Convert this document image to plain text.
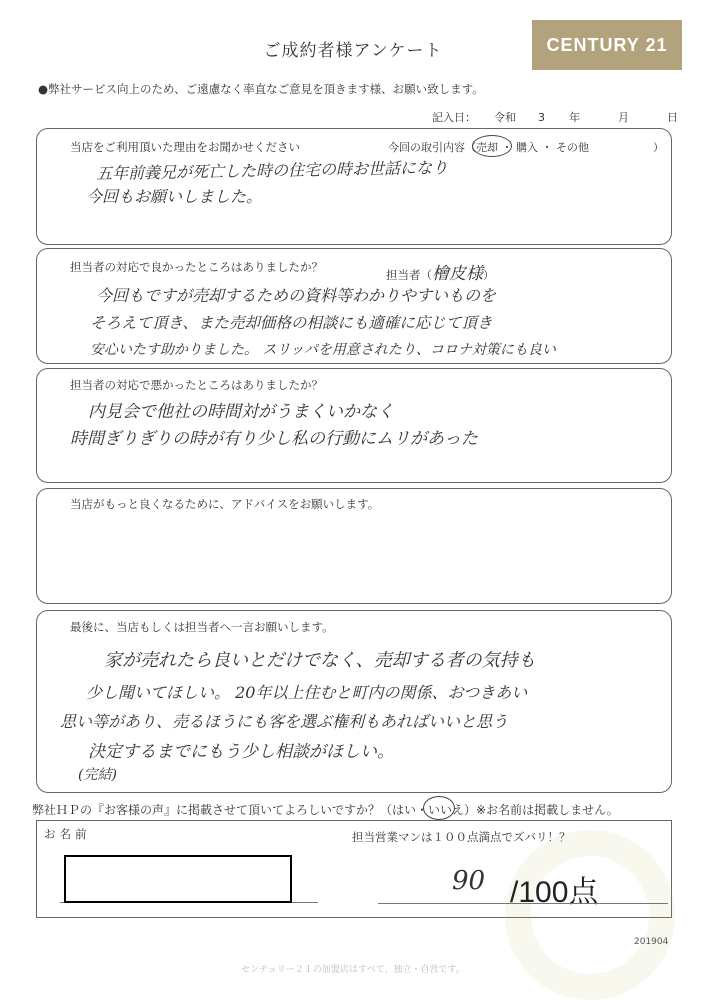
ご成約者様アンケート	CENTURY 21
●弊社サービス向上のため、ご遠慮なく率直なご意見を頂きます様、お願い致します。
記入日： 令和 3 年	月	日
当店をご利用頂いた理由をお聞かせください	今回の取引内容（売却 ・ 購入 ・ その他	）
五年前義兄が死亡した時の住宅の時お世話になり
今回もお願いしました。
担当者の対応で良かったところはありましたか？
担当者（檜皮様）
今回もですが売却するための資料等わかりやすいものを
そろえて頂き、また売却価格の相談にも適確に応じて頂き
安心いたす助かりました。 スリッパを用意されたり、コロナ対策にも良い
担当者の対応で悪かったところはありましたか？
内見会で他社の時間対がうまくいかなく
時間ぎりぎりの時が有り少し私の行動にムリがあった
当店がもっと良くなるために、アドバイスをお願いします。
最後に、当店もしくは担当者へ一言お願いします。
家が売れたら良いとだけでなく、売却する者の気持も
少し聞いてほしい。 20年以上住むと町内の関係、おつきあい
思い等があり、売るほうにも客を選ぶ権利もあればいいと思う
決定するまでにもう少し相談がほしい。
(完結)
弊社ＨＰの『お客様の声』に掲載させて頂いてよろしいですか？（はい・いいえ）※お名前は掲載しません。
お名前	担当営業マンは１００点満点でズバリ！？
90 /100点
201904
センチュリー２１の加盟店はすべて、独立・自営です。
